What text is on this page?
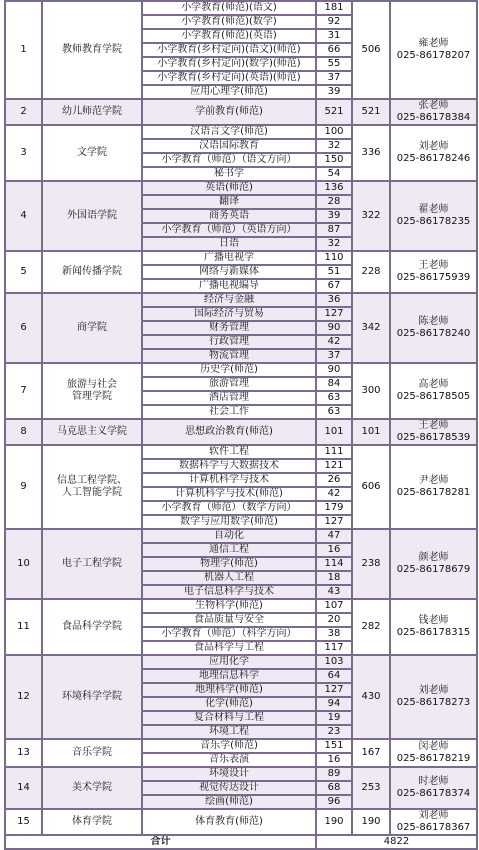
1	教师教育学院	小学教育(师范)(语文)	181	506	雍老师
025-86178207

		小学教育(师范)(数学)	92		
		小学教育(师范)(英语)	31		
		小学教育(乡村定向)(语文)(师范)	66		
		小学教育(乡村定向)(数学)(师范)	55		
		小学教育(乡村定向)(英语)(师范)	37		
		应用心理学(师范)	39		
2	幼儿师范学院	学前教育(师范)	521	521	张老师
025-86178384

3	文学院	汉语言文学(师范)	100	336	刘老师
025-86178246

		汉语国际教育	32		
		小学教育（师范）（语文方向）	150		
		秘书学	54		
4	外国语学院	英语(师范)	136	322	翟老师
025-86178235

		翻译	28		
		商务英语	39		
		小学教育（师范）（英语方向）	87		
		日语	32		
5	新闻传播学院	广播电视学	110	228	王老师
025-86175939

		网络与新媒体	51		
		广播电视编导	67		
6	商学院	经济与金融	36	342	陈老师
025-86178240

		国际经济与贸易	127		
		财务管理	90		
		行政管理	42		
		物流管理	37		
7	旅游与社会
管理学院	历史学(师范)	90	300	高老师
025-86178505

		旅游管理	84		
		酒店管理	63		
		社会工作	63		
8	马克思主义学院	思想政治教育(师范)	101	101	王老师
025-86178539

9	信息工程学院、
人工智能学院	软件工程	111	606	尹老师
025-86178281

		数据科学与大数据技术	121		
		计算机科学与技术	26		
		计算机科学与技术(师范)	42		
		小学教育（师范）（数学方向）	179		
		数学与应用数学(师范)	127		
10	电子工程学院	自动化	47	238	颜老师
025-86178679

		通信工程	16		
		物理学(师范)	114		
		机器人工程	18		
		电子信息科学与技术	43		
11	食品科学学院	生物科学(师范)	107	282	钱老师
025-86178315

		食品质量与安全	20		
		小学教育（师范）（科学方向）	38		
		食品科学与工程	117		
12	环境科学学院	应用化学	103	430	刘老师
025-86178273

		地理信息科学	64		
		地理科学(师范)	127		
		化学(师范)	94		
		复合材料与工程	19		
		环境工程	23		
13	音乐学院	音乐学(师范)	151	167	闵老师
025-86178219

		音乐表演	16		
14	美术学院	环境设计	89	253	时老师
025-86178374

		视觉传达设计	68		
		绘画(师范)	96		
15	体育学院	体育教育(师范)	190	190	刘老师
025-86178367

合计			4822		
